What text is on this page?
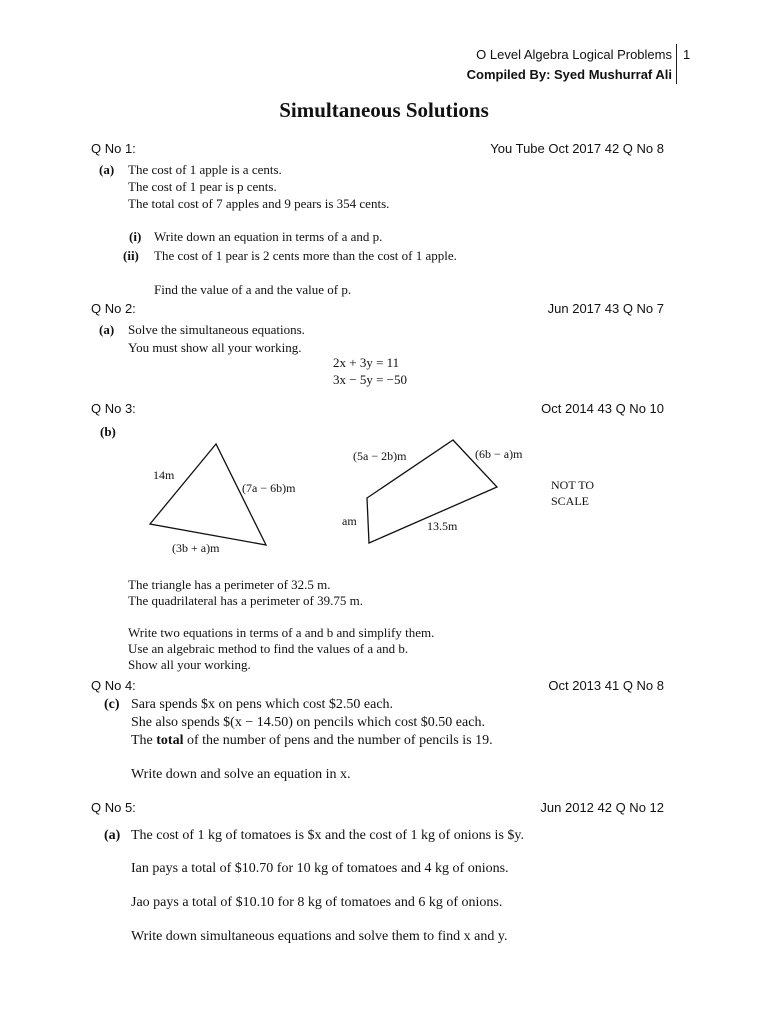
O Level Algebra Logical Problems
Compiled By: Syed Mushurraf Ali
1
Simultaneous Solutions
Q No 1:	You Tube Oct 2017 42 Q No 8
(a) The cost of 1 apple is a cents.
The cost of 1 pear is p cents.
The total cost of 7 apples and 9 pears is 354 cents.
(i) Write down an equation in terms of a and p.
(ii) The cost of 1 pear is 2 cents more than the cost of 1 apple.
Find the value of a and the value of p.
Q No 2:	Jun 2017 43 Q No 7
(a) Solve the simultaneous equations.
You must show all your working.
2x + 3y = 11
3x − 5y = −50
Q No 3:	Oct 2014 43 Q No 10
(b)
14m
(7a − 6b)m
(3b + a)m
(5a − 2b)m	(6b − a)m
am	13.5m
NOT TO
SCALE
The triangle has a perimeter of 32.5 m.
The quadrilateral has a perimeter of 39.75 m.
Write two equations in terms of a and b and simplify them.
Use an algebraic method to find the values of a and b.
Show all your working.
Q No 4:	Oct 2013 41 Q No 8
(c) Sara spends $x on pens which cost $2.50 each.
She also spends $(x − 14.50) on pencils which cost $0.50 each.
The total of the number of pens and the number of pencils is 19.
Write down and solve an equation in x.
Q No 5:	Jun 2012 42 Q No 12
(a) The cost of 1 kg of tomatoes is $x and the cost of 1 kg of onions is $y.
Ian pays a total of $10.70 for 10 kg of tomatoes and 4 kg of onions.
Jao pays a total of $10.10 for 8 kg of tomatoes and 6 kg of onions.
Write down simultaneous equations and solve them to find x and y.
